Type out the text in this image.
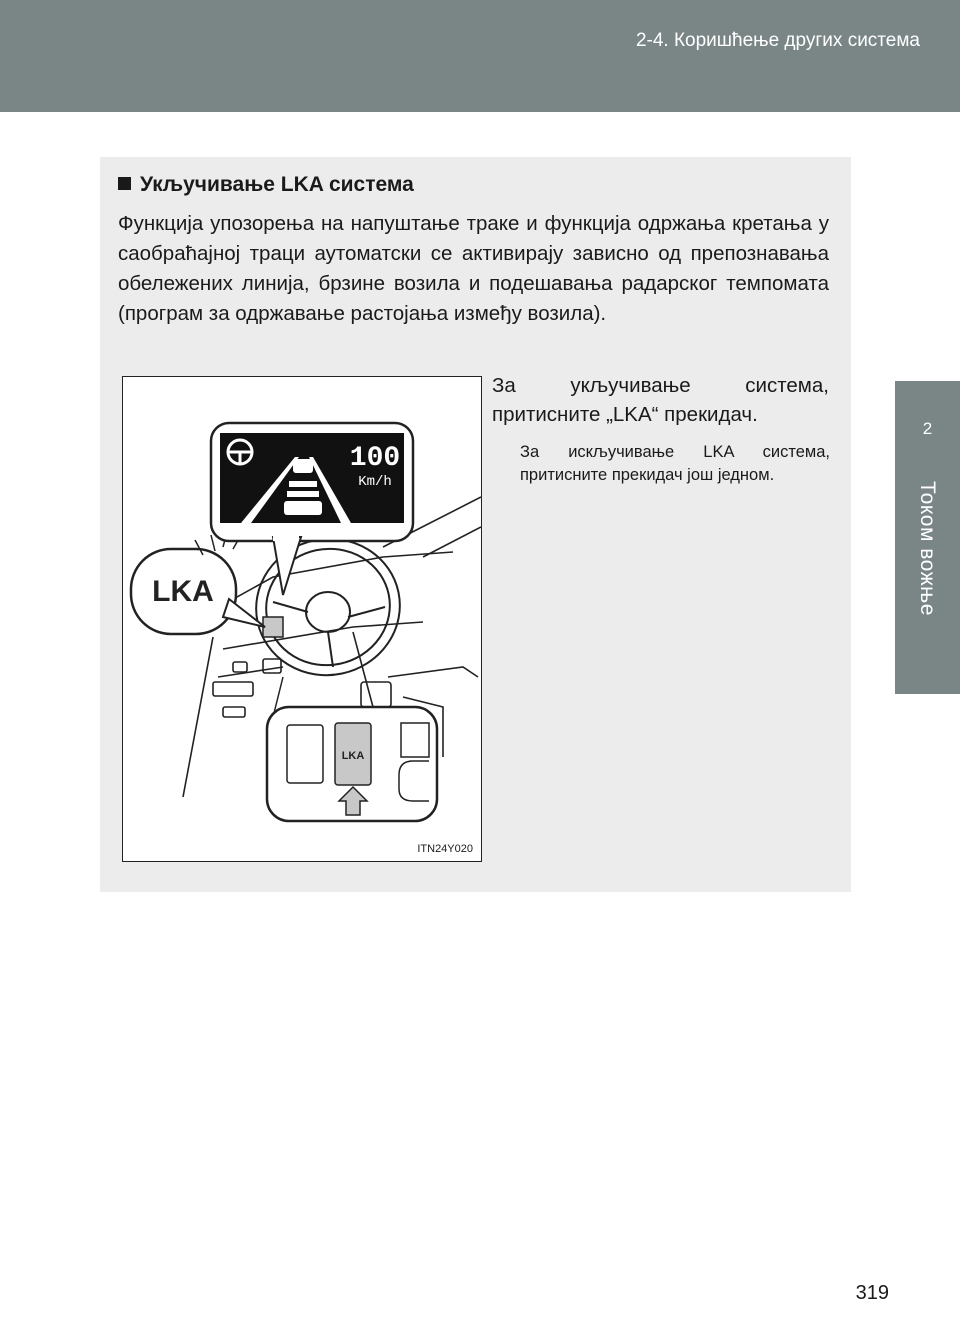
2-4. Коришћење других система
2
Током вожње
Укључивање LKA система
Функција упозорења на напуштање траке и функција одржања кретања у саобраћајној траци аутоматски се активирају зависно од препознавања обележених линија, брзине возила и подешавања радарског темпомата (програм за одржавање растојања између возила).
LKA
100
Km/h
LKA
ITN24Y020
За укључивање система, притисните „LKA“ прекидач.
За искључивање LKA система, притисните прекидач још једном.
319
